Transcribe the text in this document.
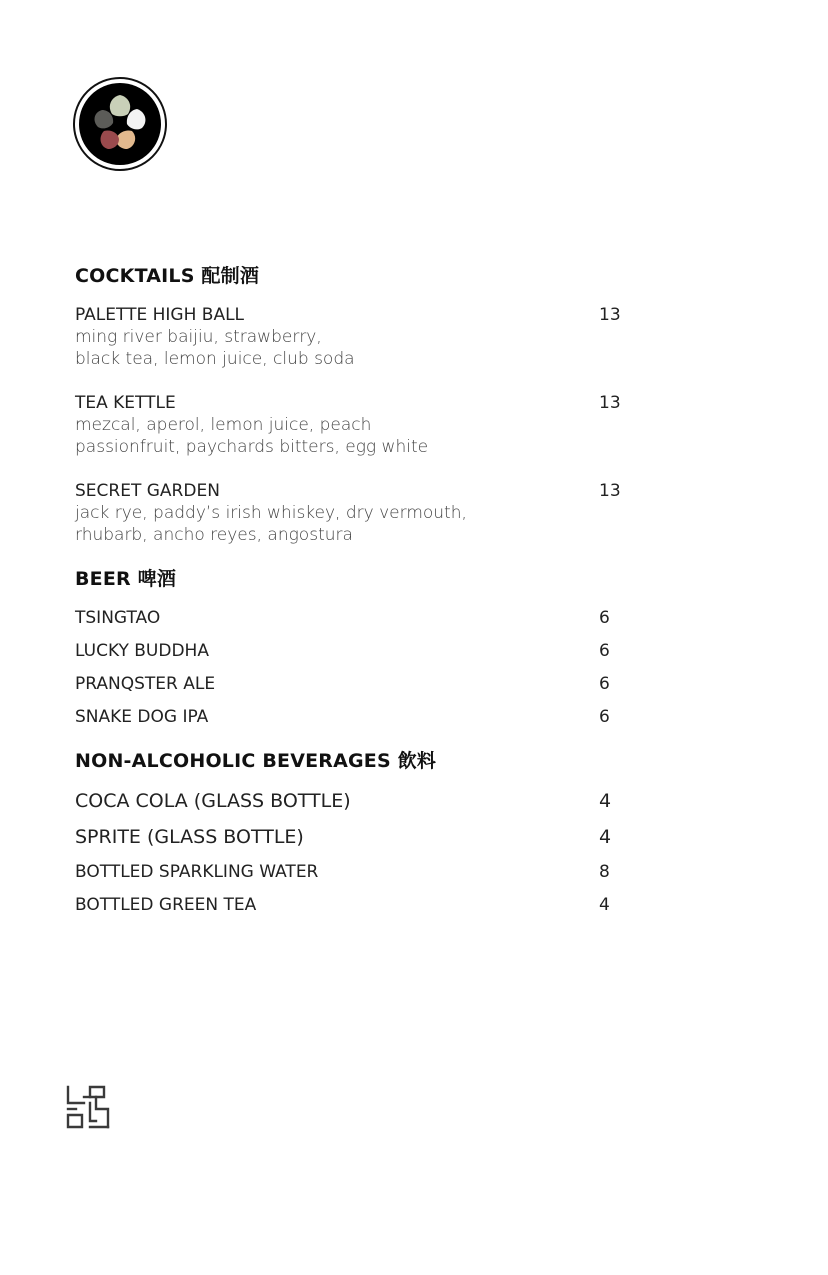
COCKTAILS 配制酒
PALETTE HIGH BALL	13
ming river baijiu, strawberry,
black tea, lemon juice, club soda
TEA KETTLE	13
mezcal, aperol, lemon juice, peach
passionfruit, paychards bitters, egg white
SECRET GARDEN	13
jack rye, paddy’s irish whiskey, dry vermouth,
rhubarb, ancho reyes, angostura
BEER 啤酒
TSINGTAO	6
LUCKY BUDDHA	6
PRANQSTER ALE	6
SNAKE DOG IPA	6
NON-ALCOHOLIC BEVERAGES 飲料
COCA COLA (GLASS BOTTLE)	4
SPRITE (GLASS BOTTLE)	4
BOTTLED SPARKLING WATER	8
BOTTLED GREEN TEA	4
